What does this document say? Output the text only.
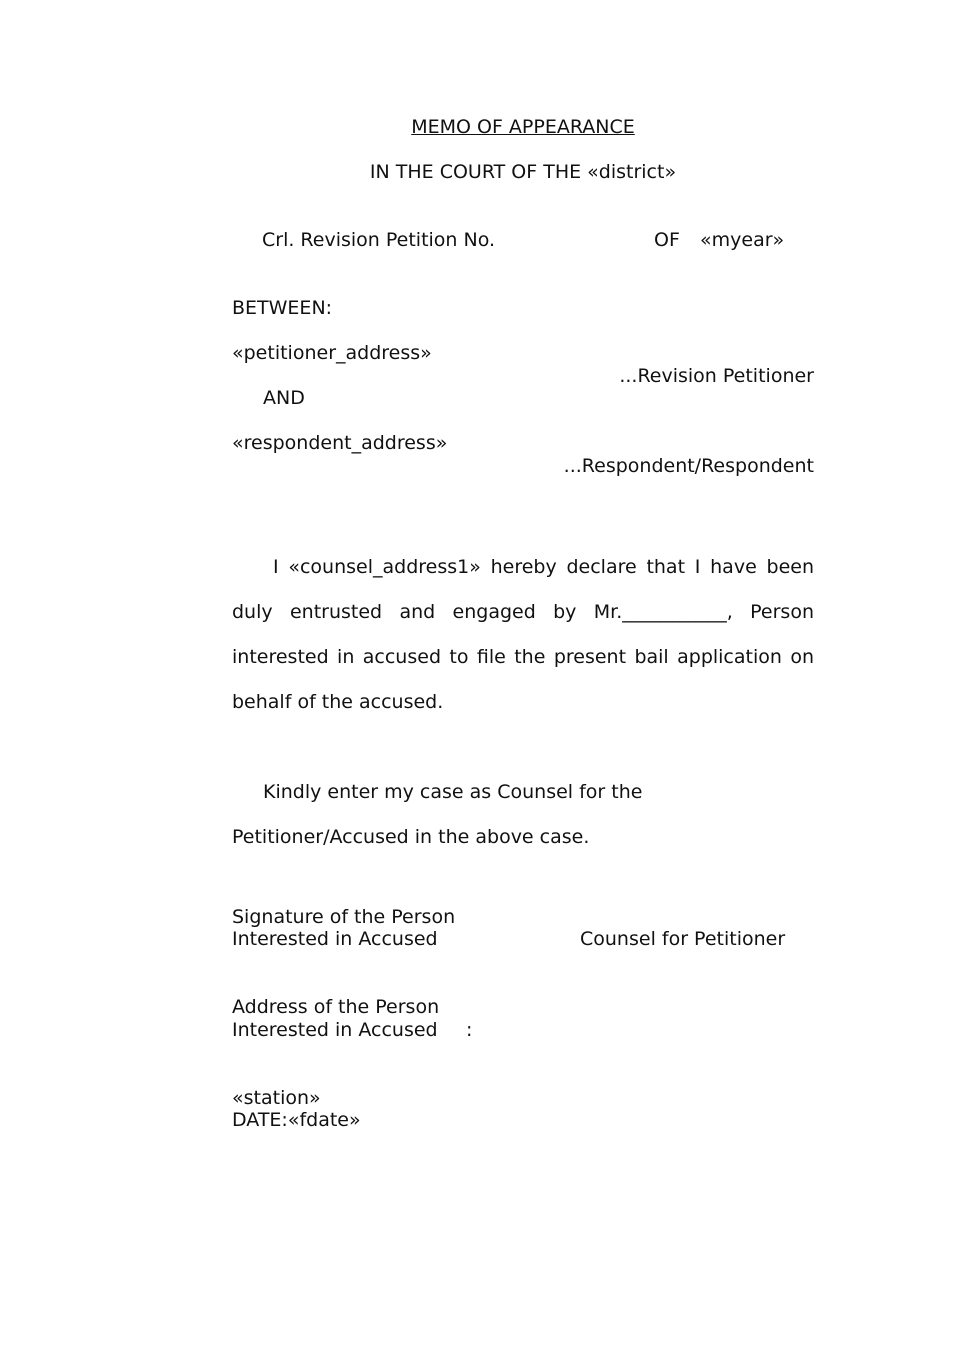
MEMO OF APPEARANCE
IN THE COURT OF THE «district»
Crl. Revision Petition No.	OF «myear»
BETWEEN:
«petitioner_address»
...Revision Petitioner
AND
«respondent_address»
...Respondent/Respondent
I «counsel_address1» hereby declare that I have been duly entrusted and engaged by Mr.___________, Person interested in accused to file the present bail application on behalf of the accused.
Kindly enter my case as Counsel for the
Petitioner/Accused in the above case.
Signature of the Person
Interested in Accused	Counsel for Petitioner
Address of the Person
Interested in Accused :
«station»
DATE:«fdate»
